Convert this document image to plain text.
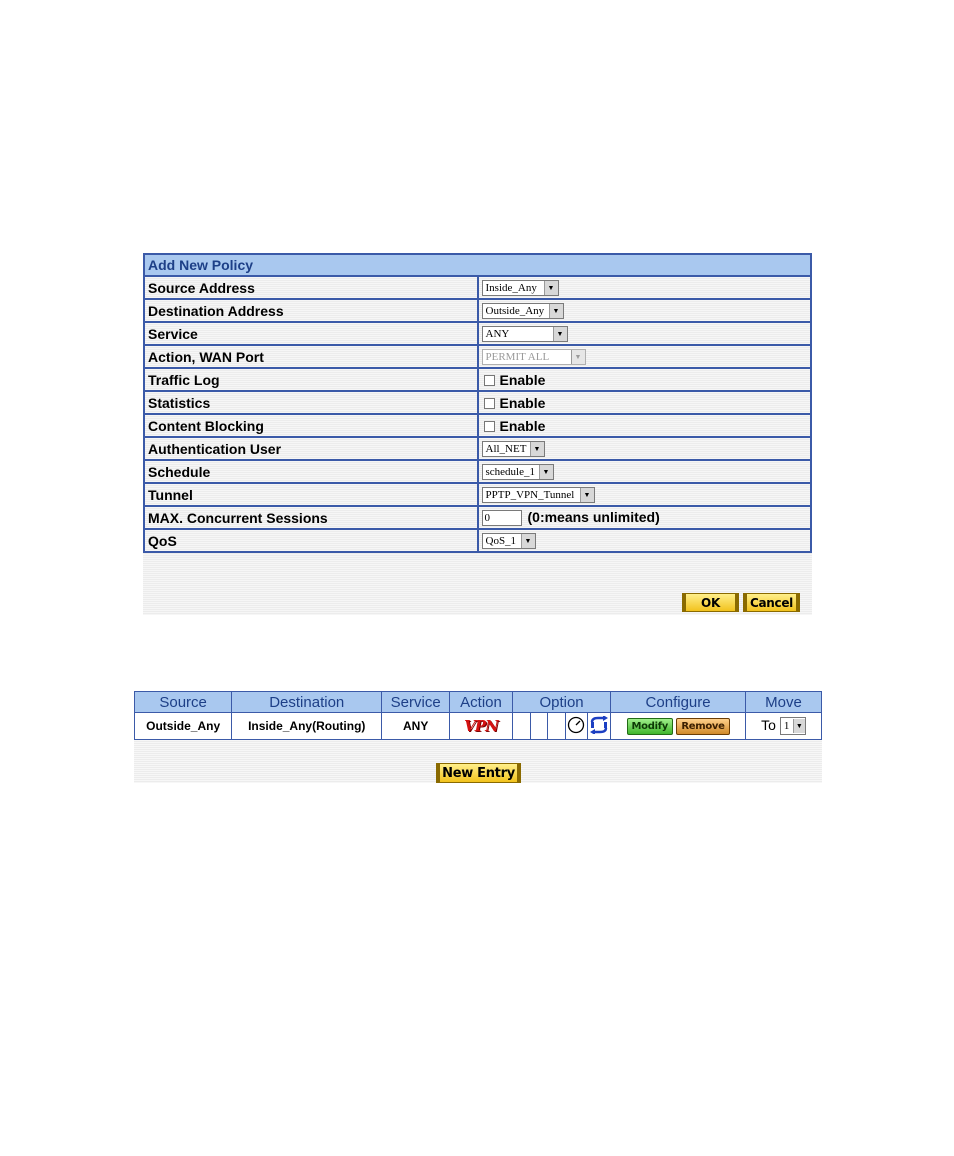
Add New Policy	
Source Address	Inside_Any ▼

Destination Address	Outside_Any ▼

Service	ANY ▼

Action, WAN Port	PERMIT ALL ▼

Traffic Log	Enable
Statistics	Enable
Content Blocking	Enable
Authentication User	All_NET ▼

Schedule	schedule_1 ▼

Tunnel	PPTP_VPN_Tunnel ▼

MAX. Concurrent Sessions	0 (0:means unlimited)
QoS	QoS_1 ▼
OK	Cancel
Source	Destination	Service	Action	Option					Configure	Move
Outside_Any	Inside_Any(Routing)	ANY	VPN						Modify Remove	To 1 ▼
New Entry
